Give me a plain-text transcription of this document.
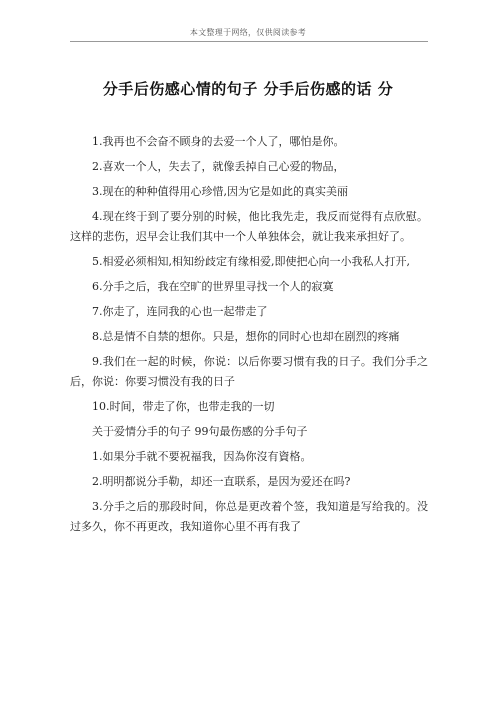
本文整理于网络，仅供阅读参考
分手后伤感心情的句子 分手后伤感的话 分

1.我再也不会奋不顾身的去爱一个人了，哪怕是你。

2.喜欢一个人，失去了，就像丢掉自己心爱的物品，

3.现在的种种值得用心珍惜,因为它是如此的真实美丽

4.现在终于到了要分别的时候，他比我先走，我反而觉得有点欣慰。这样的悲伤，迟早会让我们其中一个人单独体会，就让我来承担好了。

5.相爱必须相知,相知纷歧定有缘相爱,即使把心向一小我私人打开,

6.分手之后，我在空旷的世界里寻找一个人的寂寞

7.你走了，连同我的心也一起带走了

8.总是情不自禁的想你。只是，想你的同时心也却在剧烈的疼痛

9.我们在一起的时候，你说：以后你要习惯有我的日子。我们分手之后，你说：你要习惯没有我的日子

10.时间，带走了你，也带走我的一切

关于爱情分手的句子 99句最伤感的分手句子

1.如果分手就不要祝福我，因為你沒有資格。

2.明明都说分手勒，却还一直联系，是因为爱还在吗?

3.分手之后的那段时间，你总是更改着个签，我知道是写给我的。没过多久，你不再更改，我知道你心里不再有我了
